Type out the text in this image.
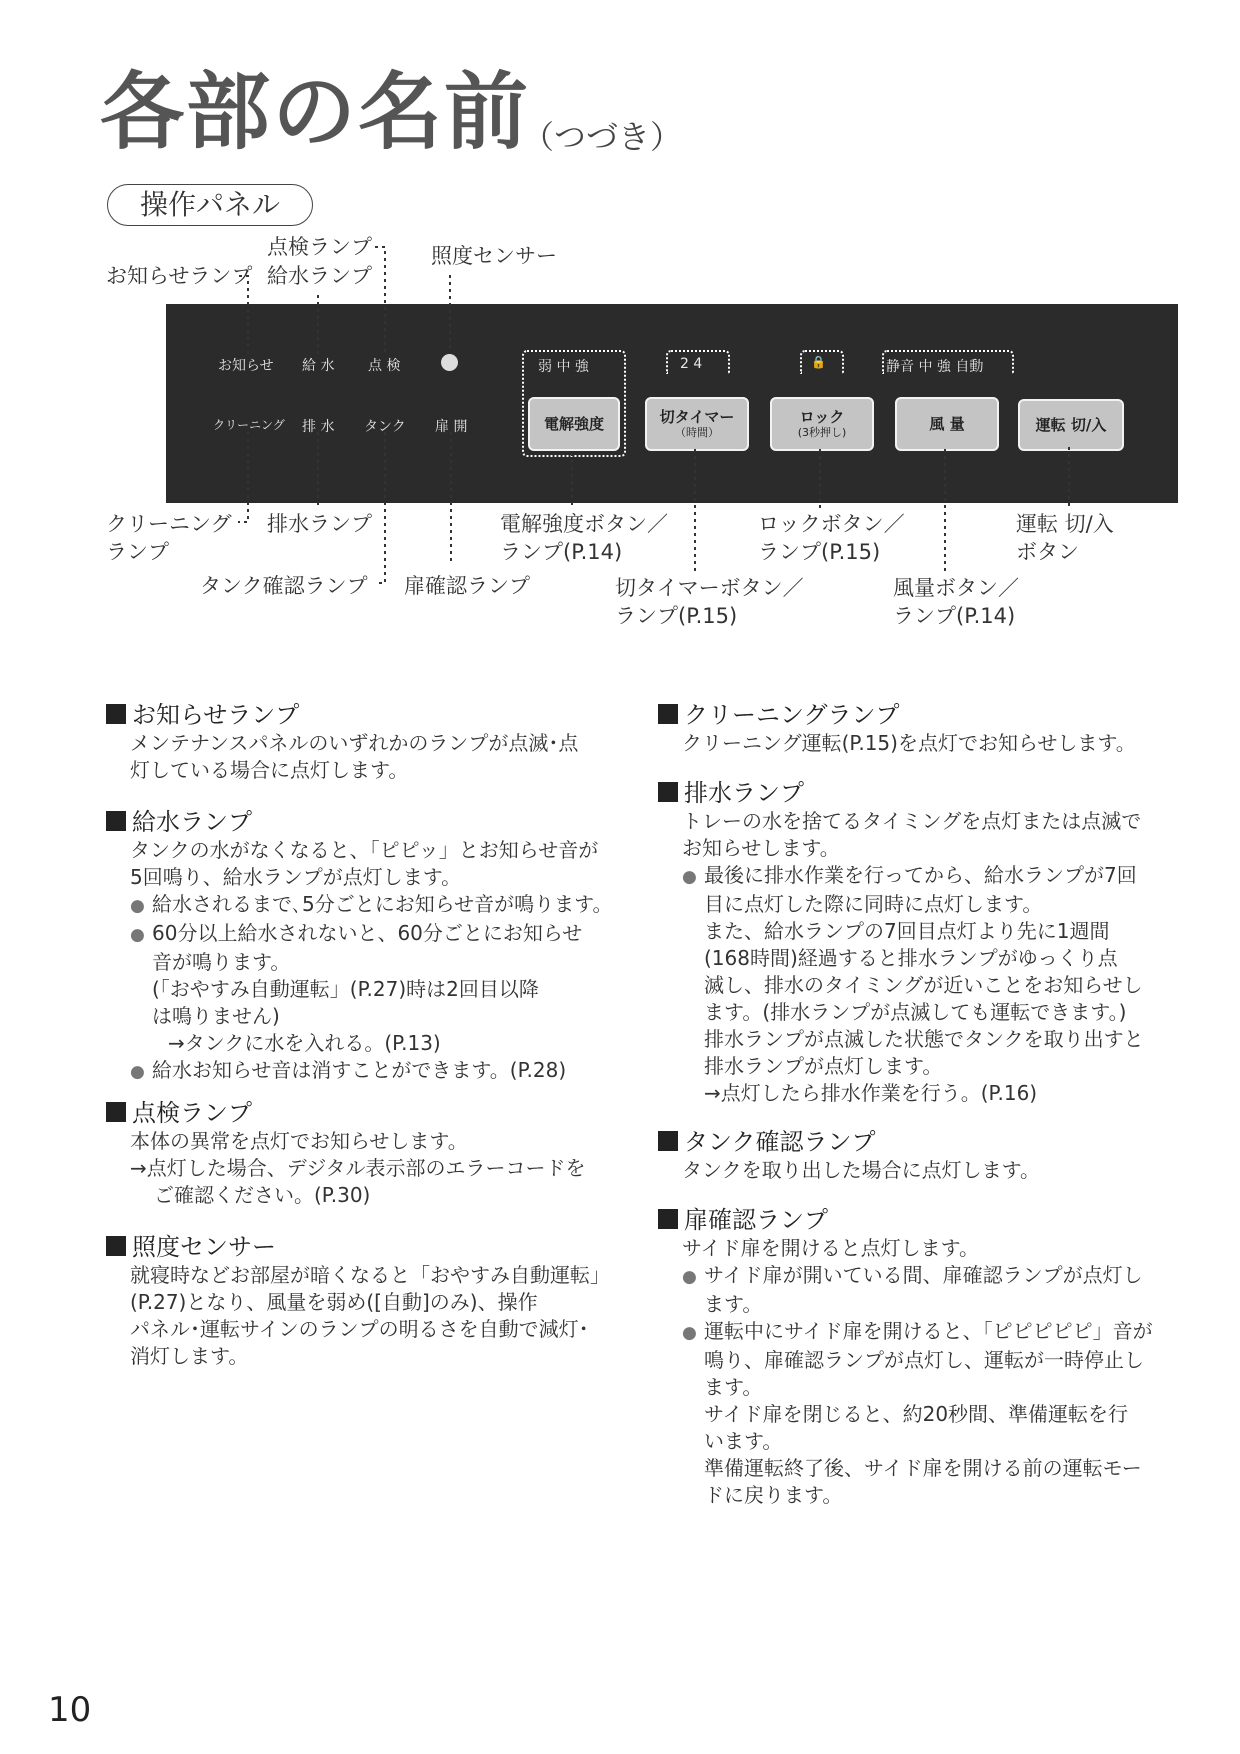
各部の名前
（つづき）
操作パネル
お知らせランプ
点検ランプ
給水ランプ
照度センサー
お知らせ 給 水 点 検
クリーニング 排 水 タンク 扉 開
弱 中 強	2 4	🔒	静音 中 強 自動
電解強度	切タイマー
（時間）
ロック
(3秒押し)	風 量	運転 切/入
クリーニング
ランプ
排水ランプ
タンク確認ランプ 扉確認ランプ
電解強度ボタン／
ランプ(P.14)
切タイマーボタン／
ランプ(P.15)
ロックボタン／
ランプ(P.15)
風量ボタン／
ランプ(P.14)
運転 切/入
ボタン
お知らせランプ
メンテナンスパネルのいずれかのランプが点滅･点
灯している場合に点灯します。
給水ランプ
タンクの水がなくなると、「ピピッ」とお知らせ音が
5回鳴り、給水ランプが点灯します。
● 給水されるまで､5分ごとにお知らせ音が鳴ります。
● 60分以上給水されないと、60分ごとにお知らせ
音が鳴ります。
(「おやすみ自動運転」(P.27)時は2回目以降
は鳴りません)
→タンクに水を入れる。(P.13)
● 給水お知らせ音は消すことができます。(P.28)
点検ランプ
本体の異常を点灯でお知らせします。
→点灯した場合、デジタル表示部のエラーコードを
ご確認ください。(P.30)
照度センサー
就寝時などお部屋が暗くなると「おやすみ自動運転」
(P.27)となり、風量を弱め([自動]のみ)、操作
パネル･運転サインのランプの明るさを自動で減灯･
消灯します。
クリーニングランプ
クリーニング運転(P.15)を点灯でお知らせします。
排水ランプ
トレーの水を捨てるタイミングを点灯または点滅で
お知らせします。
● 最後に排水作業を行ってから、給水ランプが7回
目に点灯した際に同時に点灯します。
また、給水ランプの7回目点灯より先に1週間
(168時間)経過すると排水ランプがゆっくり点
滅し、排水のタイミングが近いことをお知らせし
ます。(排水ランプが点滅しても運転できます。)
排水ランプが点滅した状態でタンクを取り出すと
排水ランプが点灯します。
→点灯したら排水作業を行う。(P.16)
タンク確認ランプ
タンクを取り出した場合に点灯します。
扉確認ランプ
サイド扉を開けると点灯します。
● サイド扉が開いている間、扉確認ランプが点灯し
ます。
● 運転中にサイド扉を開けると、「ピピピピピ」音が
鳴り、扉確認ランプが点灯し、運転が一時停止し
ます。
サイド扉を閉じると、約20秒間、準備運転を行
います。
準備運転終了後、サイド扉を開ける前の運転モー
ドに戻ります。
10
